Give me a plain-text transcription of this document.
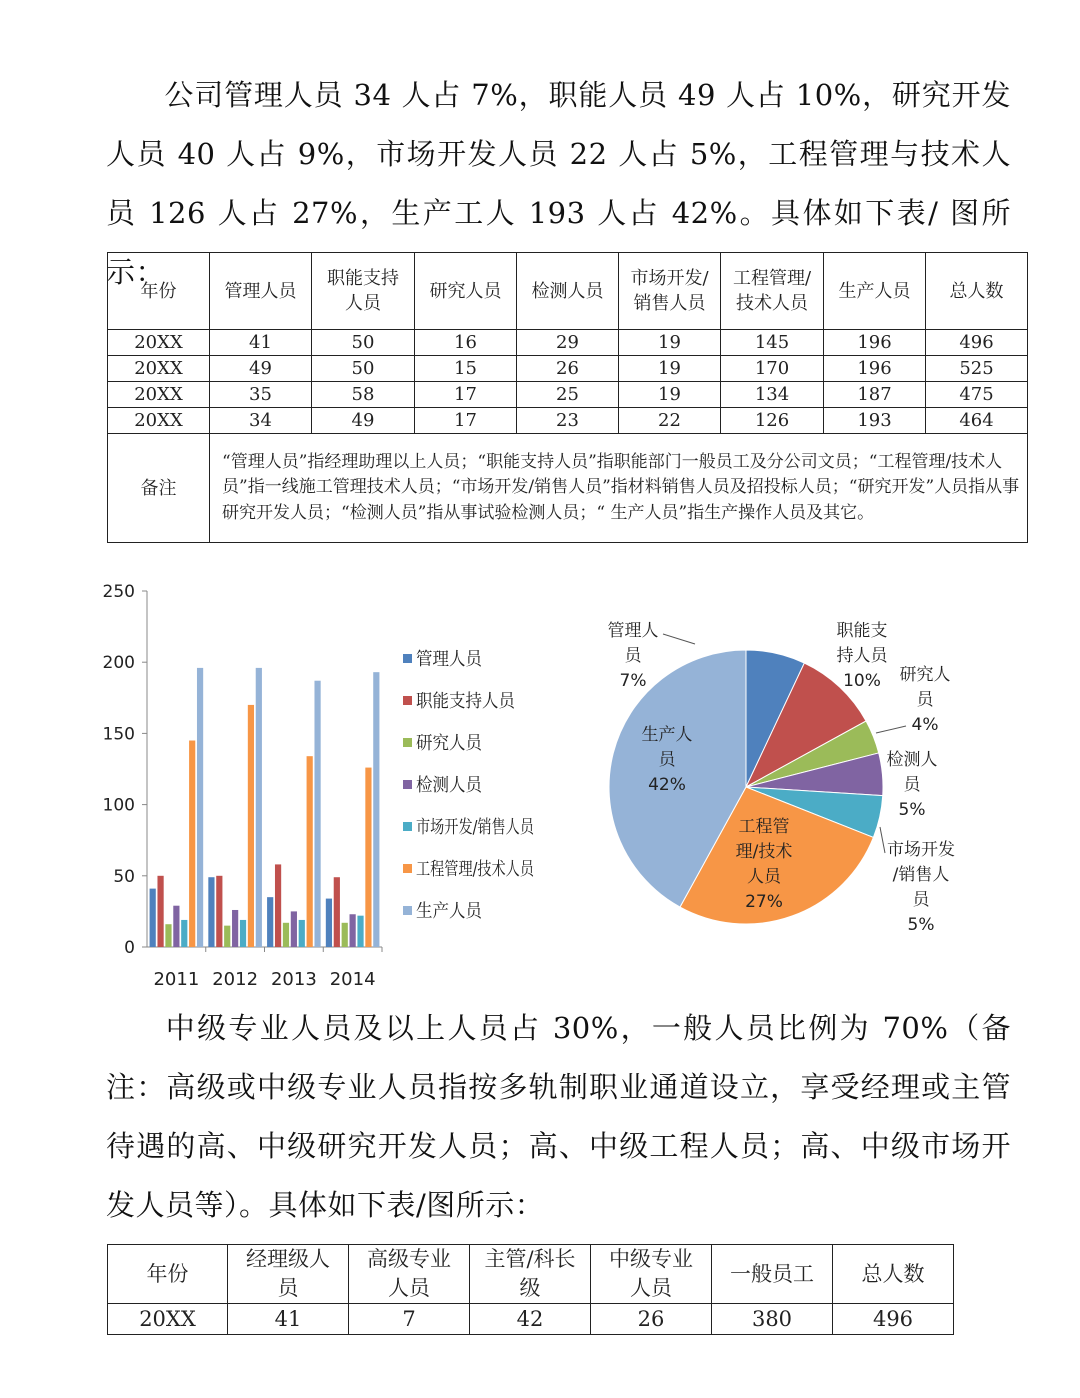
公司管理人员 34 人占 7%，职能人员 49 人占 10%，研究开发人员 40 人占 9%，市场开发人员 22 人占 5%，工程管理与技术人员 126 人占 27%，生产工人 193 人占 42%。具体如下表/ 图所示：

年份	管理人员	职能支持人员	研究人员	检测人员	市场开发/销售人员	工程管理/技术人员	生产人员	总人数
20XX	41	50	16	29	19	145	196	496
20XX	49	50	15	26	19	170	196	525
20XX	35	58	17	25	19	134	187	475
20XX	34	49	17	23	22	126	193	464
备注	“管理人员”指经理助理以上人员；“职能支持人员”指职能部门一般员工及分公司文员；“工程管理/技术人员”指一线施工管理技术人员；“市场开发/销售人员”指材料销售人员及招投标人员；“研究开发”人员指从事研究开发人员；“检测人员”指从事试验检测人员；“ 生产人员”指生产操作人员及其它。							
0
50
100
150
200
250
2011 2012 2013 2014
管理人员
职能支持人员
研究人员
检测人员
市场开发/销售人员
工程管理/技术人员
生产人员
管理人员 7%
职能支持人员 10%	研究人员 4%
检测人员 5%
市场开发/销售人员 5%
工程管理/技术人员 27%
生产人员 42%

中级专业人员及以上人员占 30%，一般人员比例为 70%（备注：高级或中级专业人员指按多轨制职业通道设立，享受经理或主管待遇的高、中级研究开发人员；高、中级工程人员；高、中级市场开发人员等）。具体如下表/图所示：

年份	经理级人员	高级专业人员	主管/科长级	中级专业人员	一般员工	总人数
20XX	41	7	42	26	380	496
